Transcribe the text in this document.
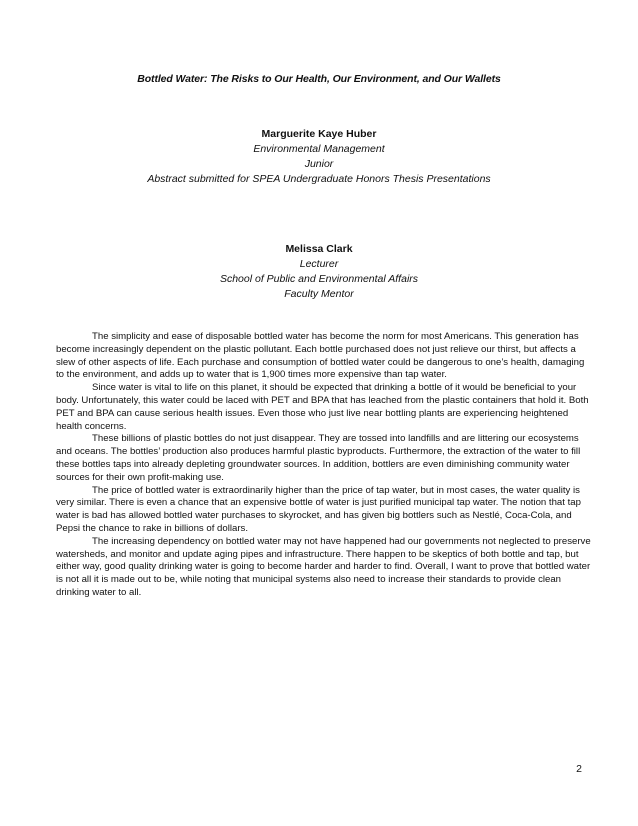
Bottled Water: The Risks to Our Health, Our Environment, and Our Wallets
Marguerite Kaye Huber
Environmental Management
Junior
Abstract submitted for SPEA Undergraduate Honors Thesis Presentations
Melissa Clark
Lecturer
School of Public and Environmental Affairs
Faculty Mentor

The simplicity and ease of disposable bottled water has become the norm for most Americans. This generation has become increasingly dependent on the plastic pollutant. Each bottle purchased does not just relieve our thirst, but affects a slew of other aspects of life. Each purchase and consumption of bottled water could be dangerous to one’s health, damaging to the environment, and adds up to water that is 1,900 times more expensive than tap water.

Since water is vital to life on this planet, it should be expected that drinking a bottle of it would be beneficial to your body. Unfortunately, this water could be laced with PET and BPA that has leached from the plastic containers that hold it. Both PET and BPA can cause serious health issues. Even those who just live near bottling plants are experiencing heightened health concerns.

These billions of plastic bottles do not just disappear. They are tossed into landfills and are littering our ecosystems and oceans. The bottles’ production also produces harmful plastic byproducts. Furthermore, the extraction of the water to fill these bottles taps into already depleting groundwater sources. In addition, bottlers are even diminishing community water sources for their own profit-making use.

The price of bottled water is extraordinarily higher than the price of tap water, but in most cases, the water quality is very similar. There is even a chance that an expensive bottle of water is just purified municipal tap water. The notion that tap water is bad has allowed bottled water purchases to skyrocket, and has given big bottlers such as Nestlé, Coca-Cola, and Pepsi the chance to rake in billions of dollars.

The increasing dependency on bottled water may not have happened had our governments not neglected to preserve watersheds, and monitor and update aging pipes and infrastructure. There happen to be skeptics of both bottle and tap, but either way, good quality drinking water is going to become harder and harder to find. Overall, I want to prove that bottled water is not all it is made out to be, while noting that municipal systems also need to increase their standards to provide clean drinking water to all.

2
